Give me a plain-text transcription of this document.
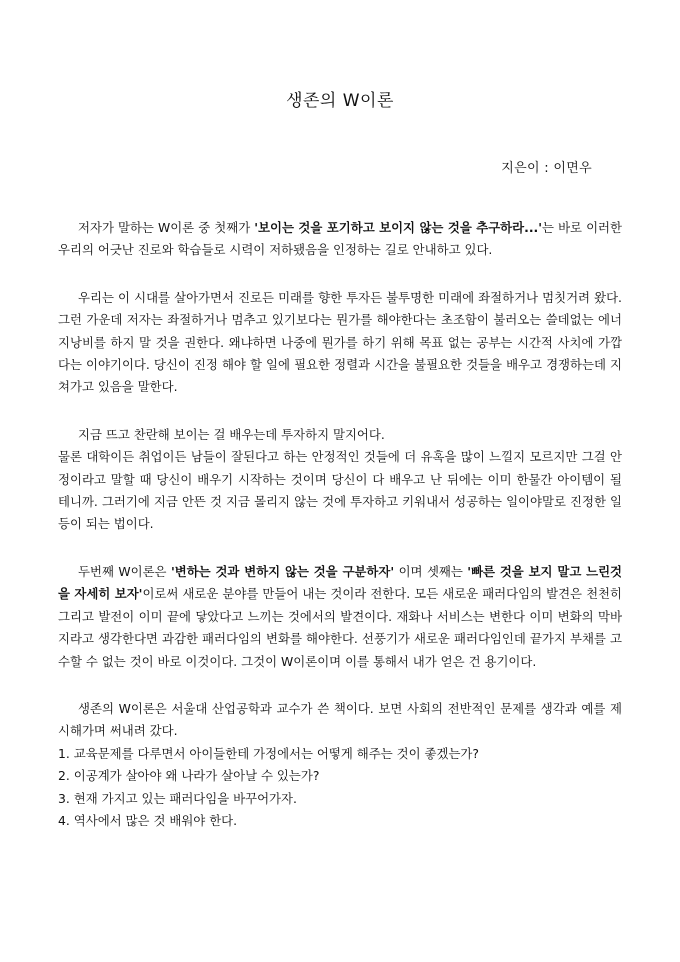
생존의 W이론
지은이 : 이면우

저자가 말하는 W이론 중 첫째가 '보이는 것을 포기하고 보이지 않는 것을 추구하라...'는 바로 이러한 우리의 어긋난 진로와 학습들로 시력이 저하됐음을 인정하는 길로 안내하고 있다.

우리는 이 시대를 살아가면서 진로든 미래를 향한 투자든 불투명한 미래에 좌절하거나 멈칫거려 왔다. 그런 가운데 저자는 좌절하거나 멈추고 있기보다는 뭔가를 해야한다는 초조함이 불러오는 쓸데없는 에너지낭비를 하지 말 것을 권한다. 왜냐하면 나중에 뭔가를 하기 위해 목표 없는 공부는 시간적 사치에 가깝다는 이야기이다. 당신이 진정 해야 할 일에 필요한 정렬과 시간을 불필요한 것들을 배우고 경쟁하는데 지쳐가고 있음을 말한다.

지금 뜨고 찬란해 보이는 걸 배우는데 투자하지 말지어다.

물론 대학이든 취업이든 남들이 잘된다고 하는 안정적인 것들에 더 유혹을 많이 느낄지 모르지만 그걸 안정이라고 말할 때 당신이 배우기 시작하는 것이며 당신이 다 배우고 난 뒤에는 이미 한물간 아이템이 될 테니까. 그러기에 지금 안뜬 것 지금 몰리지 않는 것에 투자하고 키워내서 성공하는 일이야말로 진정한 일등이 되는 법이다.

두번째 W이론은 '변하는 것과 변하지 않는 것을 구분하자' 이며 셋째는 '빠른 것을 보지 말고 느린것을 자세히 보자'이로써 새로운 분야를 만들어 내는 것이라 전한다. 모든 새로운 패러다임의 발견은 천천히 그리고 발전이 이미 끝에 닿았다고 느끼는 것에서의 발견이다. 재화나 서비스는 변한다 이미 변화의 막바지라고 생각한다면 과감한 패러다임의 변화를 해야한다. 선풍기가 새로운 패러다임인데 끝가지 부채를 고수할 수 없는 것이 바로 이것이다. 그것이 W이론이며 이를 통해서 내가 얻은 건 용기이다.

생존의 W이론은 서울대 산업공학과 교수가 쓴 책이다. 보면 사회의 전반적인 문제를 생각과 예를 제시해가며 써내려 갔다.

1. 교육문제를 다루면서 아이들한테 가정에서는 어떻게 해주는 것이 좋겠는가?

2. 이공계가 살아야 왜 나라가 살아날 수 있는가?

3. 현재 가지고 있는 패러다임을 바꾸어가자.

4. 역사에서 많은 것 배워야 한다.
